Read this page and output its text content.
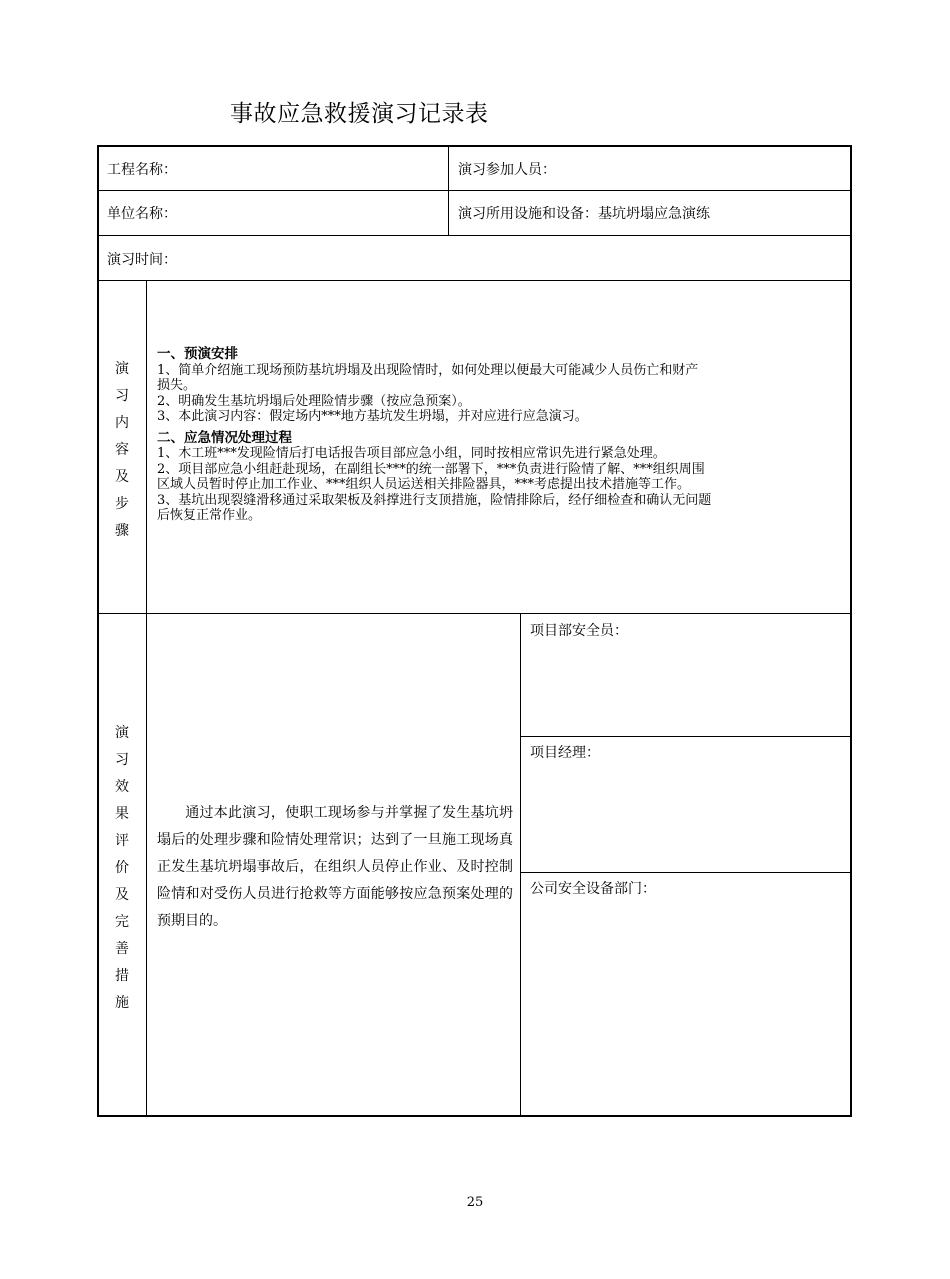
事故应急救援演习记录表
工程名称：	演习参加人员：
单位名称：	演习所用设施和设备：基坑坍塌应急演练
演习时间：
演
习
内
容
及
步
骤

一、预演安排

1、简单介绍施工现场预防基坑坍塌及出现险情时，如何处理以便最大可能减少人员伤亡和财产

损失。

2、明确发生基坑坍塌后处理险情步骤（按应急预案）。

3、本此演习内容：假定场内***地方基坑发生坍塌，并对应进行应急演习。

二、应急情况处理过程

1、木工班***发现险情后打电话报告项目部应急小组，同时按相应常识先进行紧急处理。

2、项目部应急小组赶赴现场，在副组长***的统一部署下，***负责进行险情了解、***组织周围

区域人员暂时停止加工作业、***组织人员运送相关排险器具，***考虑提出技术措施等工作。

3、基坑出现裂缝滑移通过采取架板及斜撑进行支顶措施，险情排除后，经仔细检查和确认无问题

后恢复正常作业。

演
习
效
果
评
价
及
完
善
措
施
通过本此演习，使职工现场参与并掌握了发生基坑坍塌后的处理步骤和险情处理常识；达到了一旦施工现场真正发生基坑坍塌事故后，在组织人员停止作业、及时控制险情和对受伤人员进行抢救等方面能够按应急预案处理的预期目的。
项目部安全员：
项目经理：
公司安全设备部门：
25
